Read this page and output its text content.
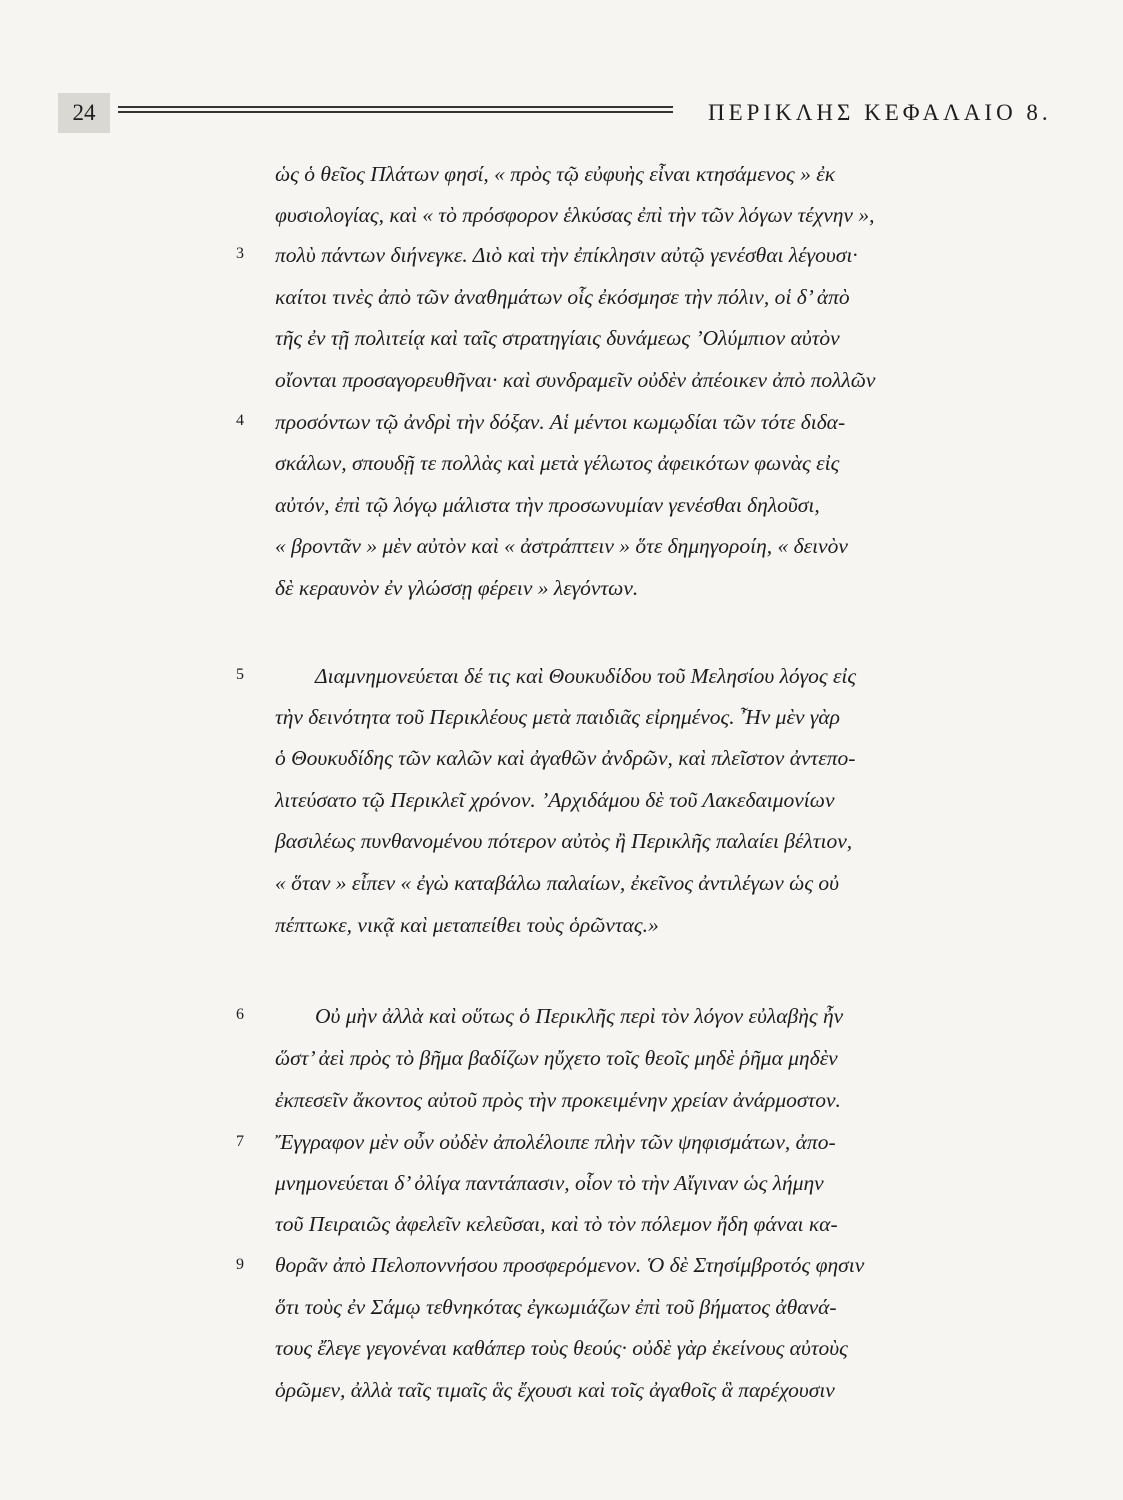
24	ΠΕΡΙΚΛΗΣ ΚΕΦΑΛΑΙΟ 8.
3
4
5
6
7
9
ὡς ὁ θεῖος Πλάτων φησί, « πρὸς τῷ εὐφυὴς εἶναι κτησάμενος » ἐκ
φυσιολογίας, καὶ « τὸ πρόσφορον ἑλκύσας ἐπὶ τὴν τῶν λόγων τέχνην »,
πολὺ πάντων διήνεγκε. Διὸ καὶ τὴν ἐπίκλησιν αὐτῷ γενέσθαι λέγουσι·
καίτοι τινὲς ἀπὸ τῶν ἀναθημάτων οἷς ἐκόσμησε τὴν πόλιν, οἱ δ’ ἀπὸ
τῆς ἐν τῇ πολιτείᾳ καὶ ταῖς στρατηγίαις δυνάμεως ’Ολύμπιον αὐτὸν
οἴονται προσαγορευθῆναι· καὶ συνδραμεῖν οὐδὲν ἀπέοικεν ἀπὸ πολλῶν
προσόντων τῷ ἀνδρὶ τὴν δόξαν. Αἱ μέντοι κωμῳδίαι τῶν τότε διδα-
σκάλων, σπουδῇ τε πολλὰς καὶ μετὰ γέλωτος ἀφεικότων φωνὰς εἰς
αὐτόν, ἐπὶ τῷ λόγῳ μάλιστα τὴν προσωνυμίαν γενέσθαι δηλοῦσι,
« βροντᾶν » μὲν αὐτὸν καὶ « ἀστράπτειν » ὅτε δημηγοροίη, « δεινὸν
δὲ κεραυνὸν ἐν γλώσσῃ φέρειν » λεγόντων.
Διαμνημονεύεται δέ τις καὶ Θουκυδίδου τοῦ Μελησίου λόγος εἰς
τὴν δεινότητα τοῦ Περικλέους μετὰ παιδιᾶς εἰρημένος. Ἦν μὲν γὰρ
ὁ Θουκυδίδης τῶν καλῶν καὶ ἀγαθῶν ἀνδρῶν, καὶ πλεῖστον ἀντεπο-
λιτεύσατο τῷ Περικλεῖ χρόνον. ’Αρχιδάμου δὲ τοῦ Λακεδαιμονίων
βασιλέως πυνθανομένου πότερον αὐτὸς ἢ Περικλῆς παλαίει βέλτιον,
« ὅταν » εἶπεν « ἐγὼ καταβάλω παλαίων, ἐκεῖνος ἀντιλέγων ὡς οὐ
πέπτωκε, νικᾷ καὶ μεταπείθει τοὺς ὁρῶντας.»
Οὐ μὴν ἀλλὰ καὶ οὕτως ὁ Περικλῆς περὶ τὸν λόγον εὐλαβὴς ἦν
ὥστ’ ἀεὶ πρὸς τὸ βῆμα βαδίζων ηὔχετο τοῖς θεοῖς μηδὲ ῥῆμα μηδὲν
ἐκπεσεῖν ἄκοντος αὐτοῦ πρὸς τὴν προκειμένην χρείαν ἀνάρμοστον.
Ἔγγραφον μὲν οὖν οὐδὲν ἀπολέλοιπε πλὴν τῶν ψηφισμάτων, ἀπο-
μνημονεύεται δ’ ὀλίγα παντάπασιν, οἷον τὸ τὴν Αἴγιναν ὡς λήμην
τοῦ Πειραιῶς ἀφελεῖν κελεῦσαι, καὶ τὸ τὸν πόλεμον ἤδη φάναι κα-
θορᾶν ἀπὸ Πελοποννήσου προσφερόμενον. Ὁ δὲ Στησίμβροτός φησιν
ὅτι τοὺς ἐν Σάμῳ τεθνηκότας ἐγκωμιάζων ἐπὶ τοῦ βήματος ἀθανά-
τους ἔλεγε γεγονέναι καθάπερ τοὺς θεούς· οὐδὲ γὰρ ἐκείνους αὐτοὺς
ὁρῶμεν, ἀλλὰ ταῖς τιμαῖς ἃς ἔχουσι καὶ τοῖς ἀγαθοῖς ἃ παρέχουσιν
